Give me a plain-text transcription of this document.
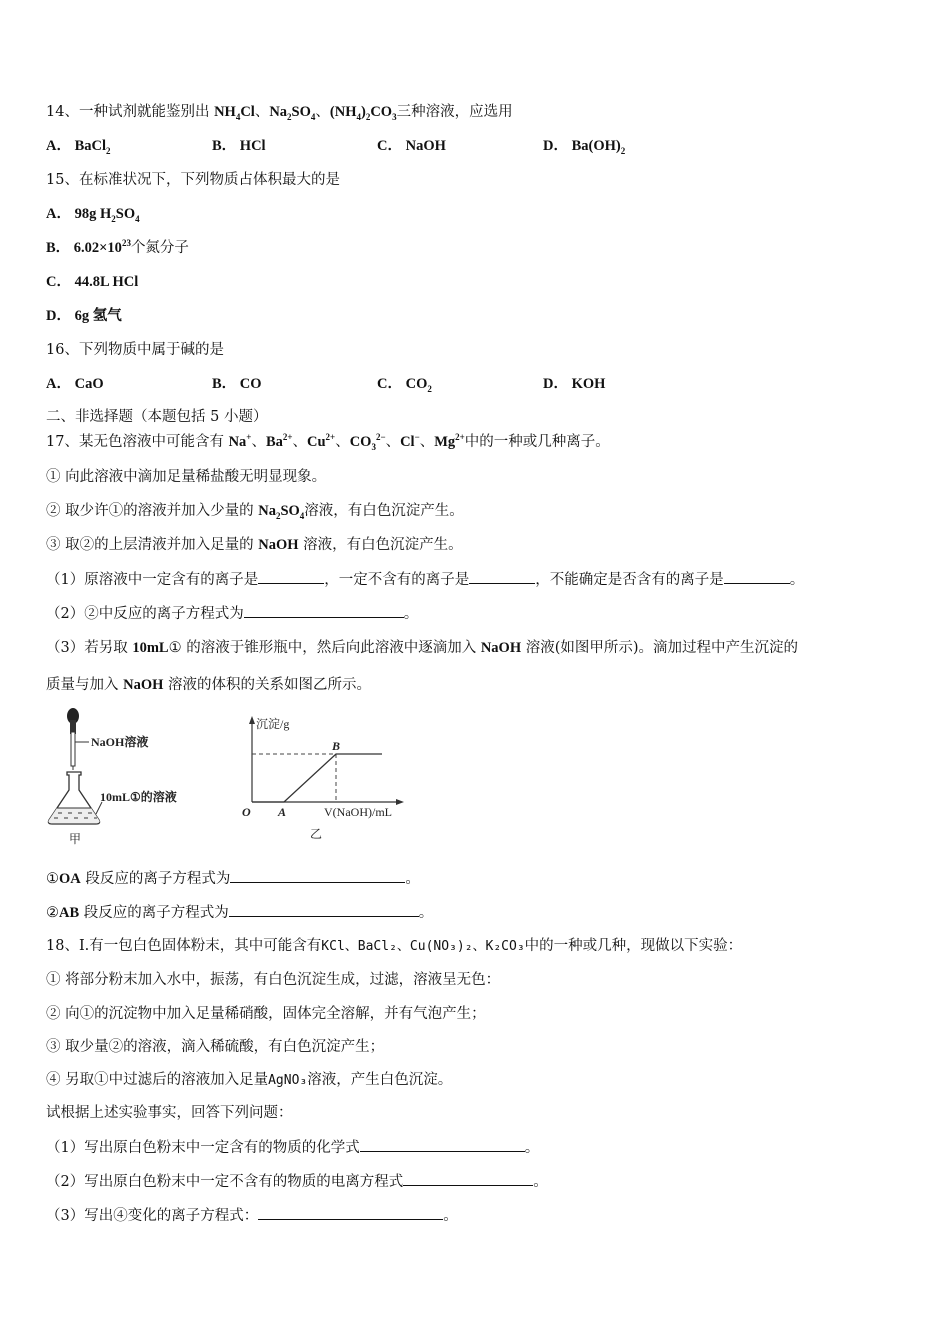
14、一种试剂就能鉴别出 $NH_4Cl$、$Na_2SO_4$、$(NH_4)_2CO_3$三种溶液，应选用
A． BaCl$_2$	B． HCl	C． NaOH	D． $Ba(OH)_2$
15、在标准状况下，下列物质占体积最大的是
A． 98g $H_2SO_4$
B． $6.02\times 10^{23}$个氮分子
C． 44.8L HCl
D． 6g 氢气
16、下列物质中属于碱的是
A． CaO	B． CO	C． $CO_2$	D． KOH
二、非选择题（本题包括 5 小题）
17、某无色溶液中可能含有 Na+、$Ba^{2+}$、$Cu^{2+}$、$CO_3^{2-}$、Cl−、$Mg^{2+}$中的一种或几种离子。
① 向此溶液中滴加足量稀盐酸无明显现象。
② 取少许①的溶液并加入少量的 $Na_2SO_4$溶液，有白色沉淀产生。
③ 取②的上层清液并加入足量的 NaOH 溶液，有白色沉淀产生。
（1）原溶液中一定含有的离子是	，一定不含有的离子是	，不能确定是否含有的离子是	。
（2）②中反应的离子方程式为	。
（3）若另取 10mL① 的溶液于锥形瓶中，然后向此溶液中逐滴加入 NaOH 溶液(如图甲所示)。滴加过程中产生沉淀的
质量与加入 NaOH 溶液的体积的关系如图乙所示。
NaOH溶液
10mL①的溶液
甲
沉淀/g
B
O A	V(NaOH)/mL
乙
①OA 段反应的离子方程式为	。
②AB 段反应的离子方程式为	。
18、Ⅰ.有一包白色固体粉末，其中可能含有KCl、BaCl₂、Cu(NO₃)₂、K₂CO₃中的一种或几种，现做以下实验：
① 将部分粉末加入水中，振荡，有白色沉淀生成，过滤，溶液呈无色：
② 向①的沉淀物中加入足量稀硝酸，固体完全溶解，并有气泡产生；
③ 取少量②的溶液，滴入稀硫酸，有白色沉淀产生；
④ 另取①中过滤后的溶液加入足量AgNO₃溶液，产生白色沉淀。
试根据上述实验事实，回答下列问题：
（1）写出原白色粉末中一定含有的物质的化学式	。
（2）写出原白色粉末中一定不含有的物质的电离方程式	。
（3）写出④变化的离子方程式：	。
